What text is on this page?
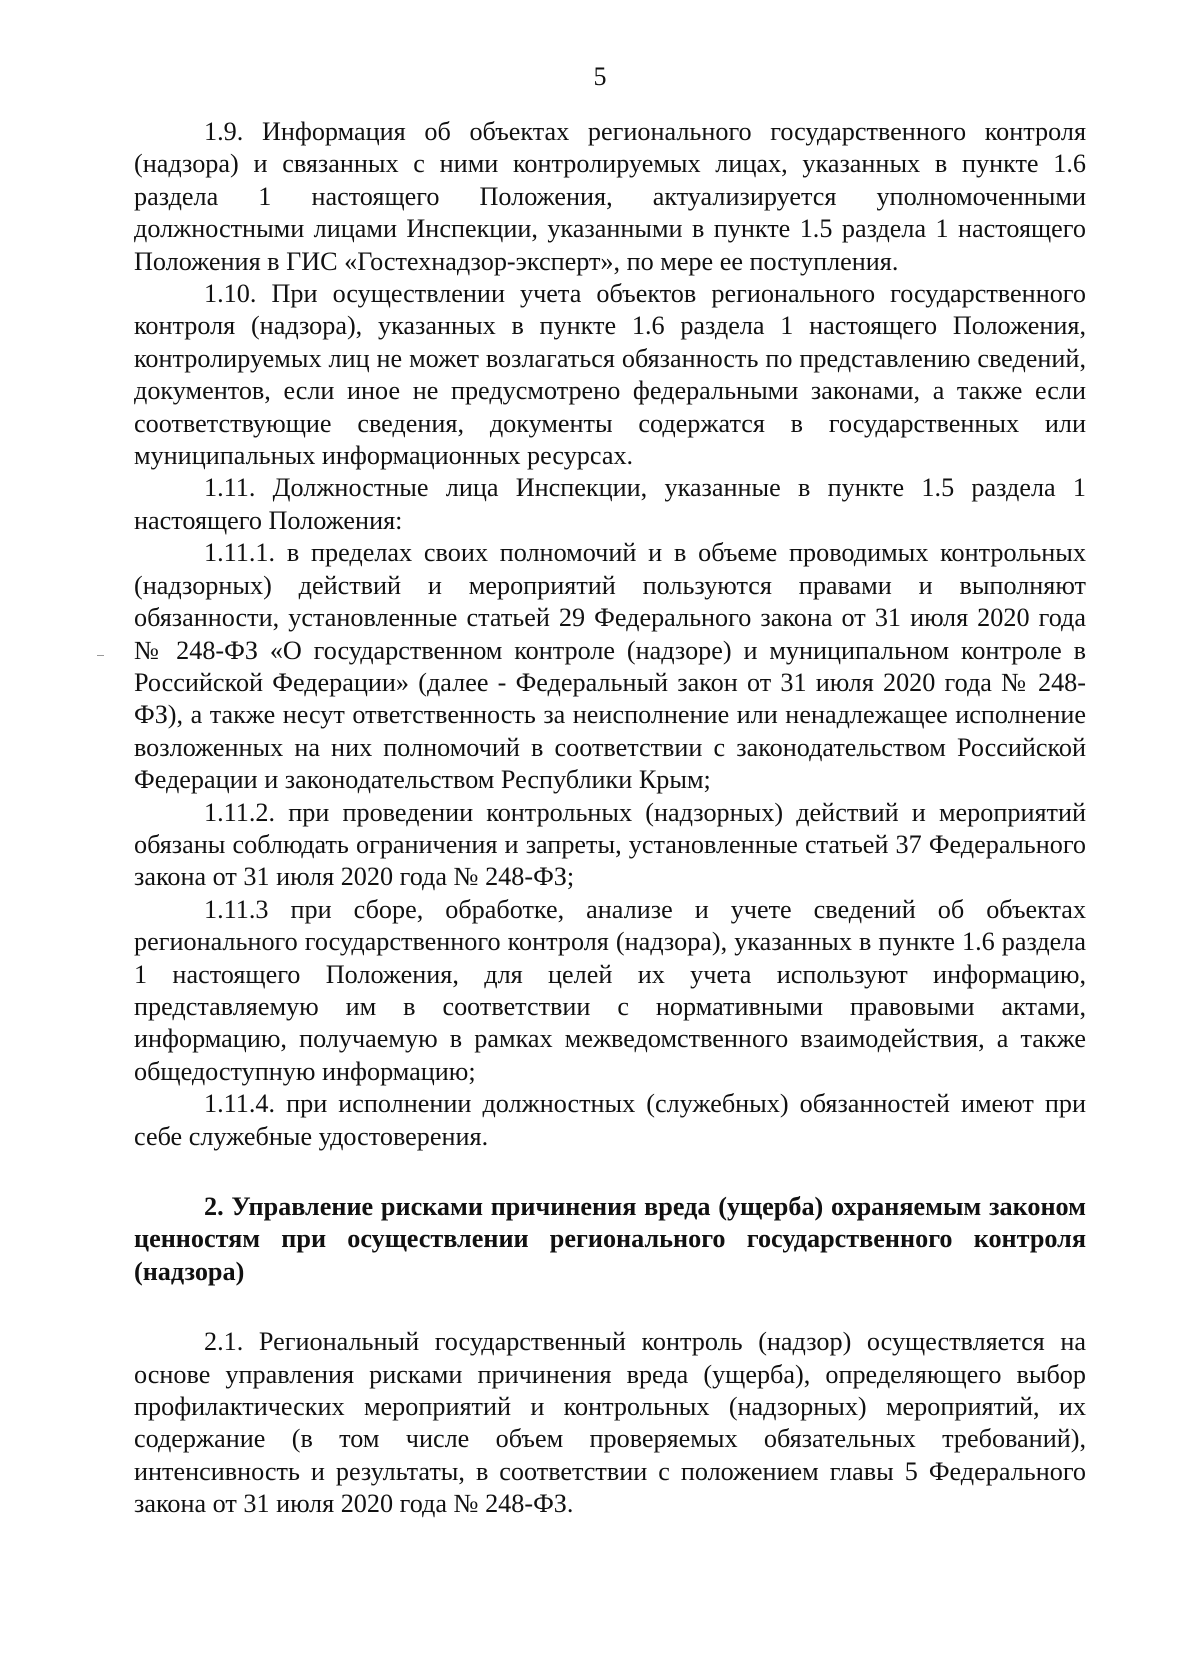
5

1.9. Информация об объектах регионального государственного контроля (надзора) и связанных с ними контролируемых лицах, указанных в пункте 1.6 раздела 1 настоящего Положения, актуализируется уполномоченными должностными лицами Инспекции, указанными в пункте 1.5 раздела 1 настоящего Положения в ГИС «Гостехнадзор-эксперт», по мере ее поступления.

1.10. При осуществлении учета объектов регионального государственного контроля (надзора), указанных в пункте 1.6 раздела 1 настоящего Положения, контролируемых лиц не может возлагаться обязанность по представлению сведений, документов, если иное не предусмотрено федеральными законами, а также если соответствующие сведения, документы содержатся в государственных или муниципальных информационных ресурсах.

1.11. Должностные лица Инспекции, указанные в пункте 1.5 раздела 1 настоящего Положения:

1.11.1. в пределах своих полномочий и в объеме проводимых контрольных (надзорных) действий и мероприятий пользуются правами и выполняют обязанности, установленные статьей 29 Федерального закона от 31 июля 2020 года № 248-ФЗ «О государственном контроле (надзоре) и муниципальном контроле в Российской Федерации» (далее - Федеральный закон от 31 июля 2020 года № 248-ФЗ), а также несут ответственность за неисполнение или ненадлежащее исполнение возложенных на них полномочий в соответствии с законодательством Российской Федерации и законодательством Республики Крым;

1.11.2. при проведении контрольных (надзорных) действий и мероприятий обязаны соблюдать ограничения и запреты, установленные статьей 37 Федерального закона от 31 июля 2020 года № 248-ФЗ;

1.11.3 при сборе, обработке, анализе и учете сведений об объектах регионального государственного контроля (надзора), указанных в пункте 1.6 раздела 1 настоящего Положения, для целей их учета используют информацию, представляемую им в соответствии с нормативными правовыми актами, информацию, получаемую в рамках межведомственного взаимодействия, а также общедоступную информацию;

1.11.4. при исполнении должностных (служебных) обязанностей имеют при себе служебные удостоверения.

2. Управление рисками причинения вреда (ущерба) охраняемым законом ценностям при осуществлении регионального государственного контроля (надзора)

2.1. Региональный государственный контроль (надзор) осуществляется на основе управления рисками причинения вреда (ущерба), определяющего выбор профилактических мероприятий и контрольных (надзорных) мероприятий, их содержание (в том числе объем проверяемых обязательных требований), интенсивность и результаты, в соответствии с положением главы 5 Федерального закона от 31 июля 2020 года № 248-ФЗ.
